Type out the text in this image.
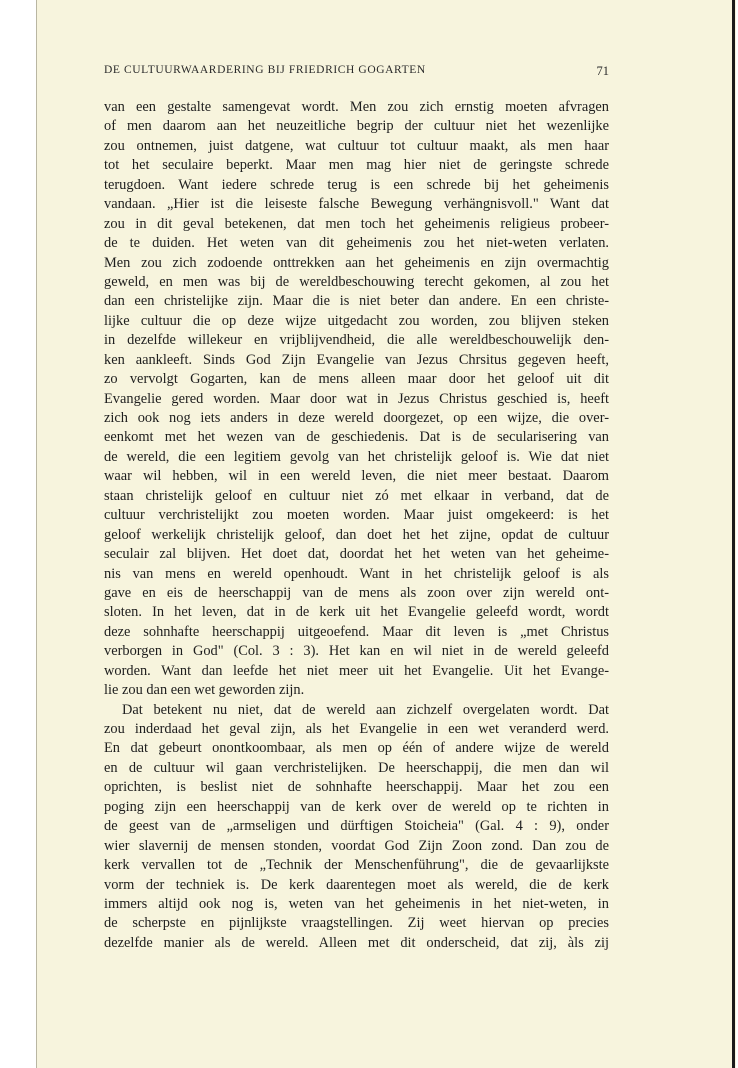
DE CULTUURWAARDERING BIJ FRIEDRICH GOGARTEN	71
van een gestalte samengevat wordt. Men zou zich ernstig moeten afvragen
of men daarom aan het neuzeitliche begrip der cultuur niet het wezenlijke
zou ontnemen, juist datgene, wat cultuur tot cultuur maakt, als men haar
tot het seculaire beperkt. Maar men mag hier niet de geringste schrede
terugdoen. Want iedere schrede terug is een schrede bij het geheimenis
vandaan. „Hier ist die leiseste falsche Bewegung verhängnisvoll." Want dat
zou in dit geval betekenen, dat men toch het geheimenis religieus probeer-
de te duiden. Het weten van dit geheimenis zou het niet-weten verlaten.
Men zou zich zodoende onttrekken aan het geheimenis en zijn overmachtig
geweld, en men was bij de wereldbeschouwing terecht gekomen, al zou het
dan een christelijke zijn. Maar die is niet beter dan andere. En een christe-
lijke cultuur die op deze wijze uitgedacht zou worden, zou blijven steken
in dezelfde willekeur en vrijblijvendheid, die alle wereldbeschouwelijk den-
ken aankleeft. Sinds God Zijn Evangelie van Jezus Chrsitus gegeven heeft,
zo vervolgt Gogarten, kan de mens alleen maar door het geloof uit dit
Evangelie gered worden. Maar door wat in Jezus Christus geschied is, heeft
zich ook nog iets anders in deze wereld doorgezet, op een wijze, die over-
eenkomt met het wezen van de geschiedenis. Dat is de secularisering van
de wereld, die een legitiem gevolg van het christelijk geloof is. Wie dat niet
waar wil hebben, wil in een wereld leven, die niet meer bestaat. Daarom
staan christelijk geloof en cultuur niet zó met elkaar in verband, dat de
cultuur verchristelijkt zou moeten worden. Maar juist omgekeerd: is het
geloof werkelijk christelijk geloof, dan doet het het zijne, opdat de cultuur
seculair zal blijven. Het doet dat, doordat het het weten van het geheime-
nis van mens en wereld openhoudt. Want in het christelijk geloof is als
gave en eis de heerschappij van de mens als zoon over zijn wereld ont-
sloten. In het leven, dat in de kerk uit het Evangelie geleefd wordt, wordt
deze sohnhafte heerschappij uitgeoefend. Maar dit leven is „met Christus
verborgen in God" (Col. 3 : 3). Het kan en wil niet in de wereld geleefd
worden. Want dan leefde het niet meer uit het Evangelie. Uit het Evange-
lie zou dan een wet geworden zijn.
Dat betekent nu niet, dat de wereld aan zichzelf overgelaten wordt. Dat
zou inderdaad het geval zijn, als het Evangelie in een wet veranderd werd.
En dat gebeurt onontkoombaar, als men op één of andere wijze de wereld
en de cultuur wil gaan verchristelijken. De heerschappij, die men dan wil
oprichten, is beslist niet de sohnhafte heerschappij. Maar het zou een
poging zijn een heerschappij van de kerk over de wereld op te richten in
de geest van de „armseligen und dürftigen Stoicheia" (Gal. 4 : 9), onder
wier slavernij de mensen stonden, voordat God Zijn Zoon zond. Dan zou de
kerk vervallen tot de „Technik der Menschenführung", die de gevaarlijkste
vorm der techniek is. De kerk daarentegen moet als wereld, die de kerk
immers altijd ook nog is, weten van het geheimenis in het niet-weten, in
de scherpste en pijnlijkste vraagstellingen. Zij weet hiervan op precies
dezelfde manier als de wereld. Alleen met dit onderscheid, dat zij, àls zij
